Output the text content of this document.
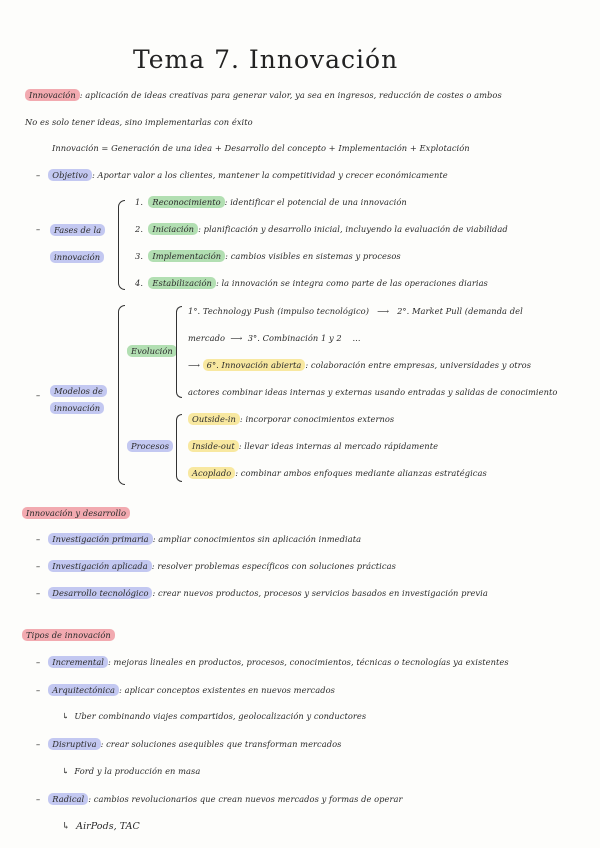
Tema 7. Innovación
Innovación : aplicación de ideas creativas para generar valor, ya sea en ingresos, reducción de costes o ambos
No es solo tener ideas, sino implementarlas con éxito
Innovación = Generación de una idea + Desarrollo del concepto + Implementación + Explotación
– Objetivo : Aportar valor a los clientes, mantener la competitividad y crecer económicamente
–	Fases de la
innovación
1. Reconocimiento : identificar el potencial de una innovación
2. Iniciación : planificación y desarrollo inicial, incluyendo la evaluación de viabilidad
3. Implementación : cambios visibles en sistemas y procesos
4. Estabilización : la innovación se integra como parte de las operaciones diarias
–	Modelos de
innovación
Evolución
1°. Technology Push (impulso tecnológico) ⟶ 2°. Market Pull (demanda del
mercado ⟶ 3°. Combinación 1 y 2 ...
⟶ 6°. Innovación abierta : colaboración entre empresas, universidades y otros
actores combinar ideas internas y externas usando entradas y salidas de conocimiento
Procesos
Outside-in : incorporar conocimientos externos
Inside-out : llevar ideas internas al mercado rápidamente
Acoplado : combinar ambos enfoques mediante alianzas estratégicas
Innovación y desarrollo
– Investigación primaria : ampliar conocimientos sin aplicación inmediata
– Investigación aplicada : resolver problemas específicos con soluciones prácticas
– Desarrollo tecnológico : crear nuevos productos, procesos y servicios basados en investigación previa
Tipos de innovación
– Incremental : mejoras lineales en productos, procesos, conocimientos, técnicas o tecnologías ya existentes
– Arquitectónica : aplicar conceptos existentes en nuevos mercados
↳ Uber combinando viajes compartidos, geolocalización y conductores
– Disruptiva : crear soluciones asequibles que transforman mercados
↳ Ford y la producción en masa
– Radical : cambios revolucionarios que crean nuevos mercados y formas de operar
↳ AirPods, TAC
